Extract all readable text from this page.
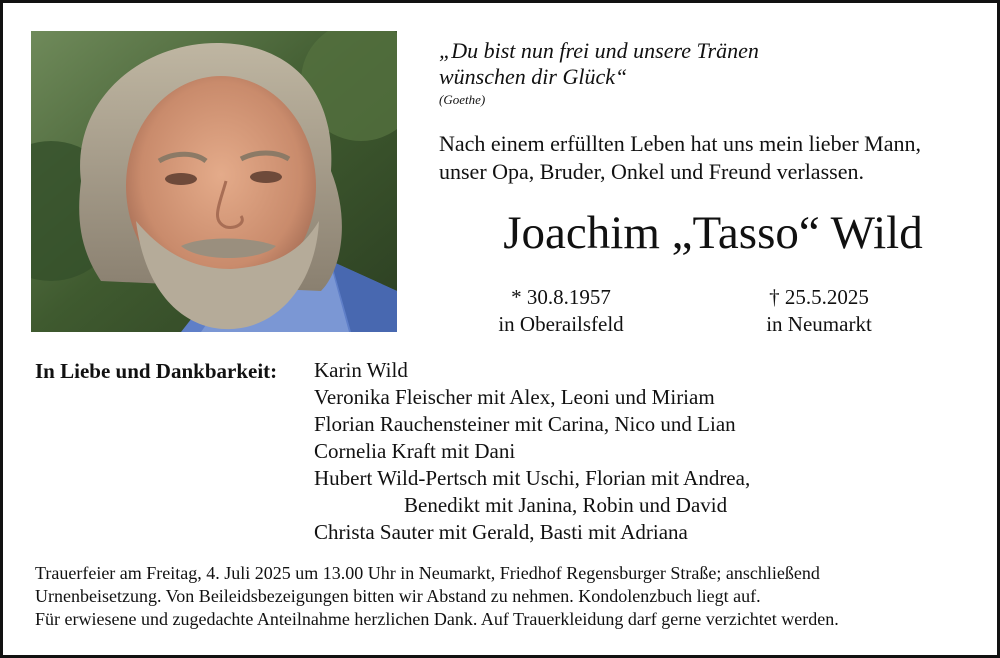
„Du bist nun frei und unsere Tränen
wünschen dir Glück“
(Goethe)
Nach einem erfüllten Leben hat uns mein lieber Mann,
unser Opa, Bruder, Onkel und Freund verlassen.
Joachim „Tasso“ Wild
* 30.8.1957
in Oberailsfeld
† 25.5.2025
in Neumarkt
In Liebe und Dankbarkeit: Karin Wild
Veronika Fleischer mit Alex, Leoni und Miriam
Florian Rauchensteiner mit Carina, Nico und Lian
Cornelia Kraft mit Dani
Hubert Wild-Pertsch mit Uschi, Florian mit Andrea,
Benedikt mit Janina, Robin und David
Christa Sauter mit Gerald, Basti mit Adriana
Trauerfeier am Freitag, 4. Juli 2025 um 13.00 Uhr in Neumarkt, Friedhof Regensburger Straße; anschließend
Urnenbeisetzung. Von Beileidsbezeigungen bitten wir Abstand zu nehmen. Kondolenzbuch liegt auf.
Für erwiesene und zugedachte Anteilnahme herzlichen Dank. Auf Trauerkleidung darf gerne verzichtet werden.
